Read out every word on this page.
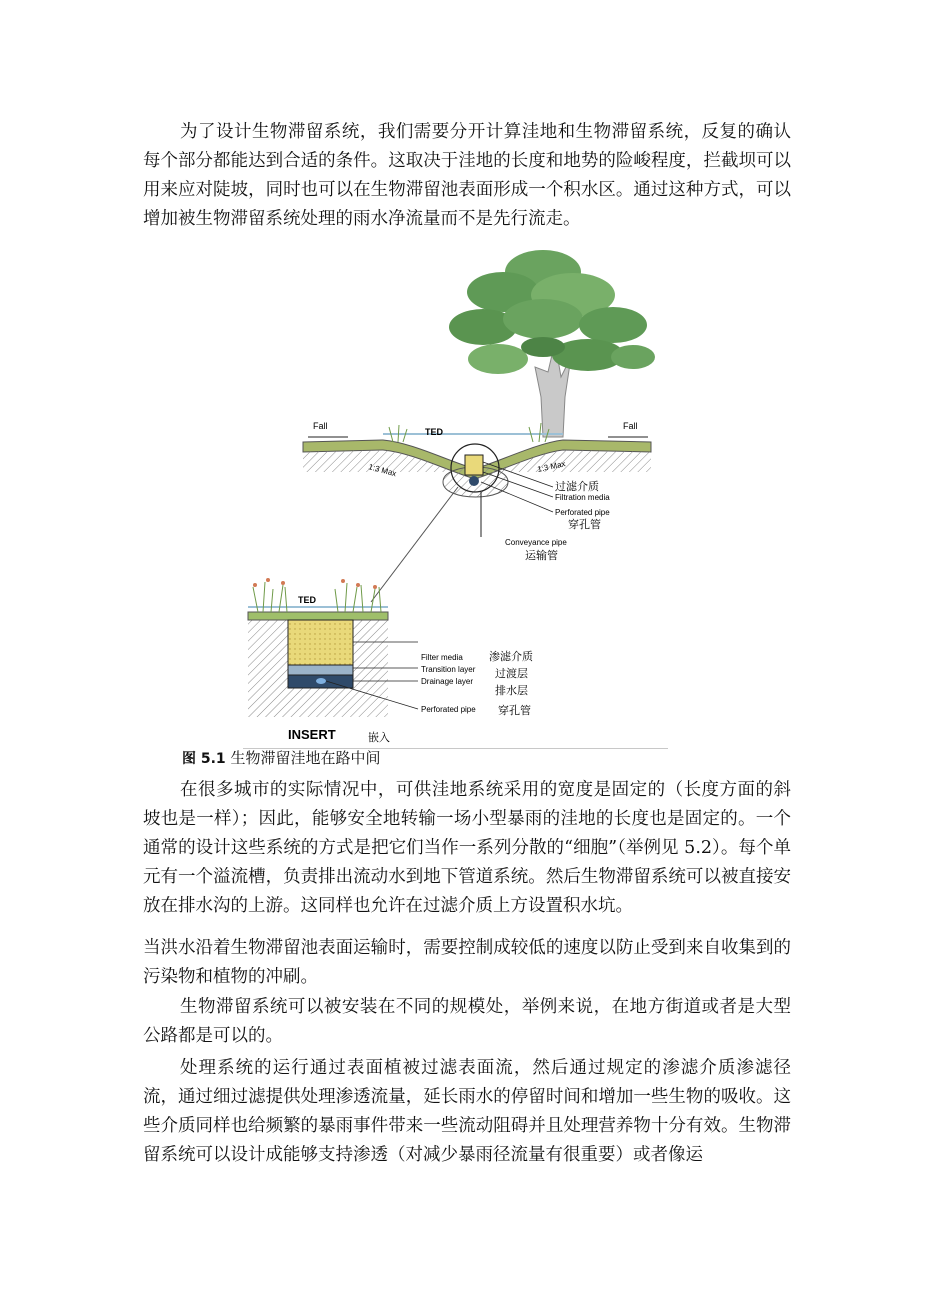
为了设计生物滞留系统，我们需要分开计算洼地和生物滞留系统，反复的确认每个部分都能达到合适的条件。这取决于洼地的长度和地势的险峻程度，拦截坝可以用来应对陡坡，同时也可以在生物滞留池表面形成一个积水区。通过这种方式，可以增加被生物滞留系统处理的雨水净流量而不是先行流走。

Fall	Fall
TED
1:3 Max	1:3 Max
过滤介质
Filtration media
Perforated pipe
穿孔管
Conveyance pipe
运输管
TED
Filter media 渗滤介质
Transition layer 过渡层
Drainage layer
排水层
Perforated pipe 穿孔管
INSERT	嵌入
图 5.1 生物滞留洼地在路中间

在很多城市的实际情况中，可供洼地系统采用的宽度是固定的（长度方面的斜坡也是一样）；因此，能够安全地转输一场小型暴雨的洼地的长度也是固定的。一个通常的设计这些系统的方式是把它们当作一系列分散的“细胞”（举例见 5.2）。每个单元有一个溢流槽，负责排出流动水到地下管道系统。然后生物滞留系统可以被直接安放在排水沟的上游。这同样也允许在过滤介质上方设置积水坑。

当洪水沿着生物滞留池表面运输时，需要控制成较低的速度以防止受到来自收集到的污染物和植物的冲刷。

生物滞留系统可以被安装在不同的规模处，举例来说，在地方街道或者是大型公路都是可以的。

处理系统的运行通过表面植被过滤表面流，然后通过规定的渗滤介质渗滤径流，通过细过滤提供处理渗透流量，延长雨水的停留时间和增加一些生物的吸收。这些介质同样也给频繁的暴雨事件带来一些流动阻碍并且处理营养物十分有效。生物滞留系统可以设计成能够支持渗透（对减少暴雨径流量有很重要）或者像运
